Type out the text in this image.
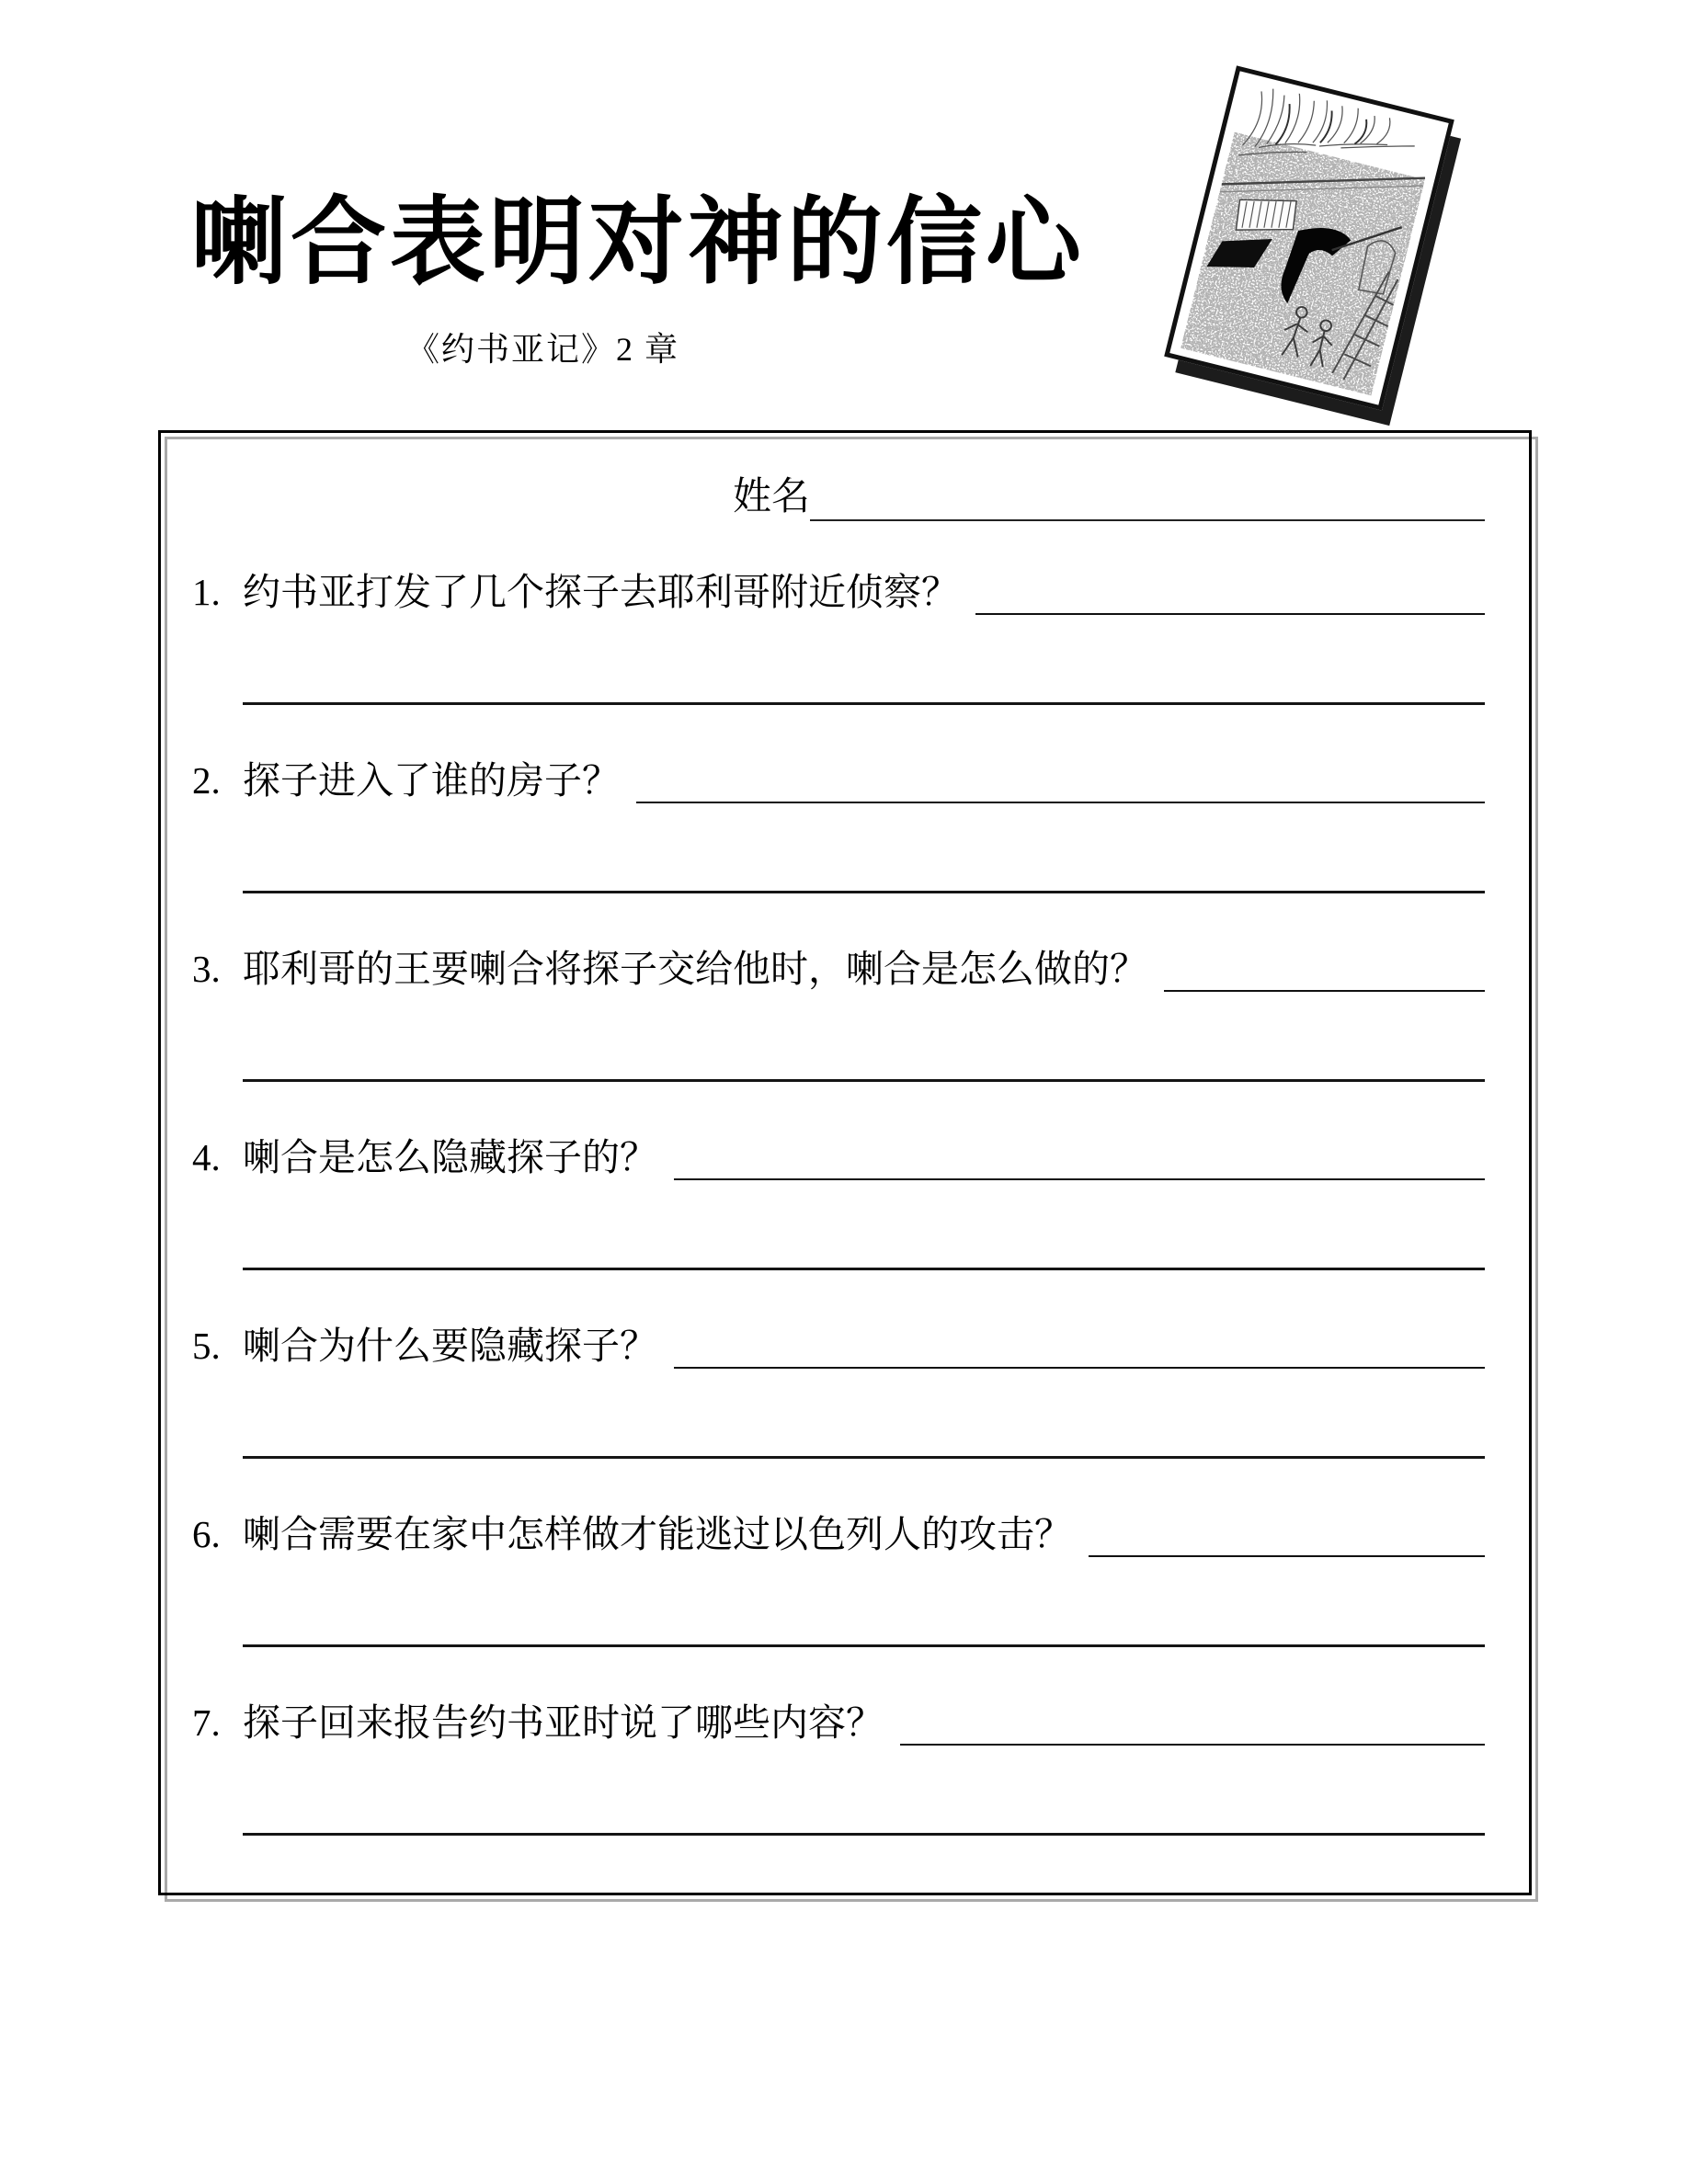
喇合表明对神的信心
《约书亚记》2 章
姓名
1. 约书亚打发了几个探子去耶利哥附近侦察？
2. 探子进入了谁的房子？
3. 耶利哥的王要喇合将探子交给他时，喇合是怎么做的？
4. 喇合是怎么隐藏探子的？
5. 喇合为什么要隐藏探子？
6. 喇合需要在家中怎样做才能逃过以色列人的攻击？
7. 探子回来报告约书亚时说了哪些内容？
